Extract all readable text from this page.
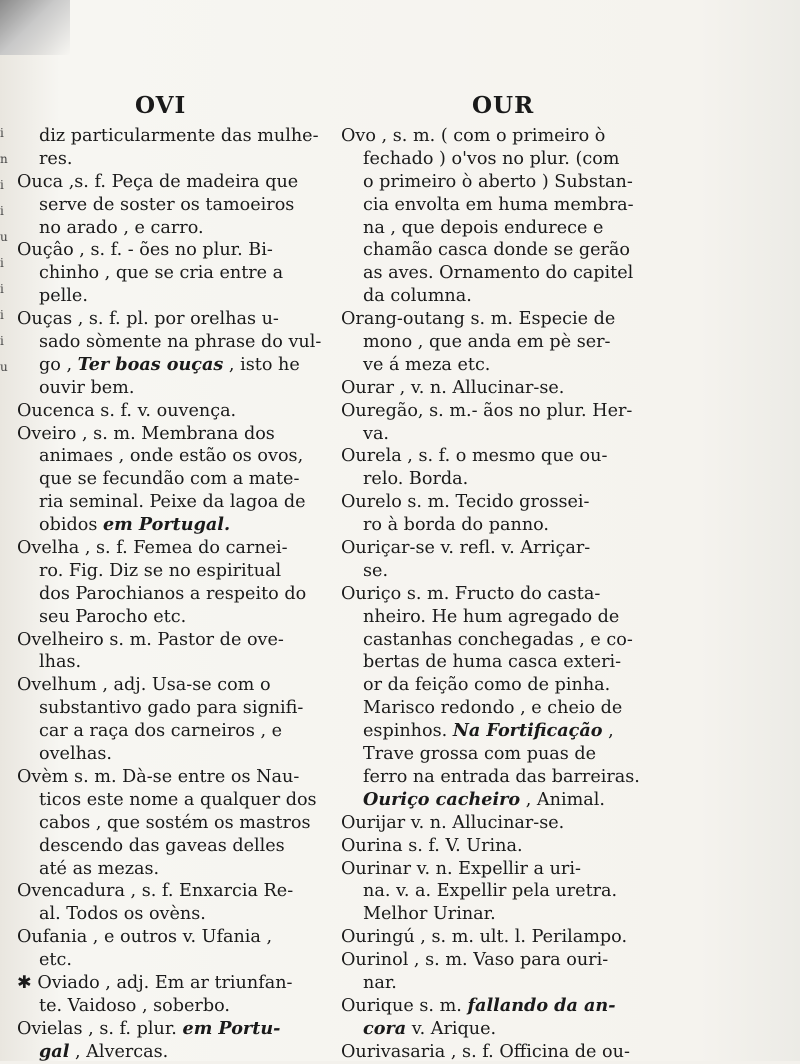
i
n
i
i
u
i
i
i
i
u
OVI	OUR
diz particularmente das mulhe-
res.
Ouca ,s. f. Peça de madeira que
serve de soster os tamoeiros
no arado , e carro.
Ouçâo , s. f. - ões no plur. Bi-
chinho , que se cria entre a
pelle.
Ouças , s. f. pl. por orelhas u-
sado sòmente na phrase do vul-
go , Ter boas ouças , isto he
ouvir bem.
Oucenca s. f. v. ouvença.
Oveiro , s. m. Membrana dos
animaes , onde estão os ovos,
que se fecundão com a mate-
ria seminal. Peixe da lagoa de
obidos em Portugal.
Ovelha , s. f. Femea do carnei-
ro. Fig. Diz se no espiritual
dos Parochianos a respeito do
seu Parocho etc.
Ovelheiro s. m. Pastor de ove-
lhas.
Ovelhum , adj. Usa-se com o
substantivo gado para signifi-
car a raça dos carneiros , e
ovelhas.
Ovèm s. m. Dà-se entre os Nau-
ticos este nome a qualquer dos
cabos , que sostém os mastros
descendo das gaveas delles
até as mezas.
Ovencadura , s. f. Enxarcia Re-
al. Todos os ovèns.
Oufania , e outros v. Ufania ,
etc.
✱ Oviado , adj. Em ar triunfan-
te. Vaidoso , soberbo.
Ovielas , s. f. plur. em Portu-
gal , Alvercas.
Ovo , s. m. ( com o primeiro ò
fechado ) o'vos no plur. (com
o primeiro ò aberto ) Substan-
cia envolta em huma membra-
na , que depois endurece e
chamão casca donde se gerão
as aves. Ornamento do capitel
da columna.
Orang-outang s. m. Especie de
mono , que anda em pè ser-
ve á meza etc.
Ourar , v. n. Allucinar-se.
Ouregão, s. m.- ãos no plur. Her-
va.
Ourela , s. f. o mesmo que ou-
relo. Borda.
Ourelo s. m. Tecido grossei-
ro à borda do panno.
Ouriçar-se v. refl. v. Arriçar-
se.
Ouriço s. m. Fructo do casta-
nheiro. He hum agregado de
castanhas conchegadas , e co-
bertas de huma casca exteri-
or da feição como de pinha.
Marisco redondo , e cheio de
espinhos. Na Fortificação ,
Trave grossa com puas de
ferro na entrada das barreiras.
Ouriço cacheiro , Animal.
Ourijar v. n. Allucinar-se.
Ourina s. f. V. Urina.
Ourinar v. n. Expellir a uri-
na. v. a. Expellir pela uretra.
Melhor Urinar.
Ouringú , s. m. ult. l. Perilampo.
Ourinol , s. m. Vaso para ouri-
nar.
Ourique s. m. fallando da an-
cora v. Arique.
Ourivasaria , s. f. Officina de ou-
